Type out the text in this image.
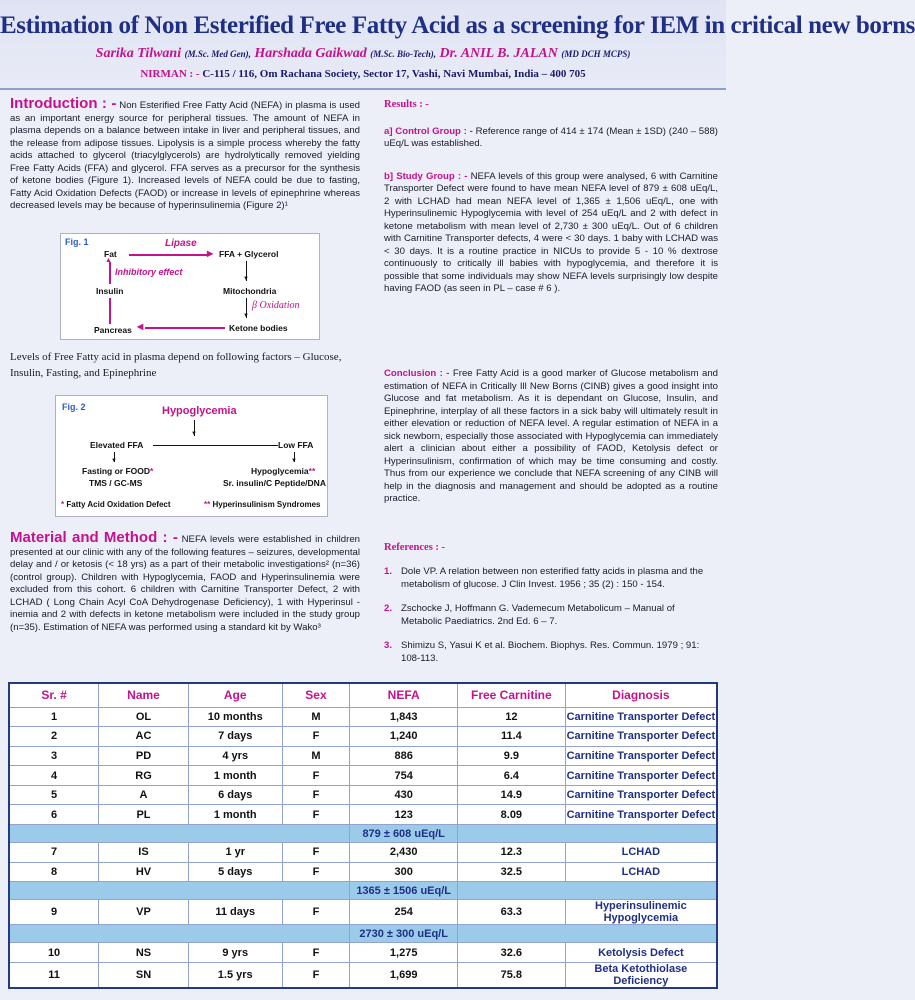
Estimation of Non Esterified Free Fatty Acid as a screening for IEM in critical new borns
Sarika Tilwani (M.Sc. Med Gen), Harshada Gaikwad (M.Sc. Bio-Tech), Dr. ANIL B. JALAN (MD DCH MCPS)
NIRMAN : - C-115 / 116, Om Rachana Society, Sector 17, Vashi, Navi Mumbai, India – 400 705
Introduction : - Non Esterified Free Fatty Acid (NEFA) in plasma is used as an important energy source for peripheral tissues. The amount of NEFA in plasma depends on a balance between intake in liver and peripheral tissues, and the release from adipose tissues. Lipolysis is a simple process whereby the fatty acids attached to glycerol (triacylglycerols) are hydrolytically removed yielding Free Fatty Acids (FFA) and glycerol. FFA serves as a precursor for the synthesis of ketone bodies (Figure 1). Increased levels of NEFA could be due to fasting, Fatty Acid Oxidation Defects (FAOD) or increase in levels of epinephrine whereas decreased levels may be because of hyperinsulinemia (Figure 2)¹
Fig. 1
Fat
Lipase
▶ FFA + Glycerol
▲
Inhibitory effect
Insulin
▼
Mitochondria
▼
β Oxidation
Pancreas ◀	Ketone bodies
Levels of Free Fatty acid in plasma depend on following factors – Glucose, Insulin, Fasting, and Epinephrine
Fig. 2	Hypoglycemia
▼
Elevated FFA	Low FFA
▼	▼
Fasting or FOOD*	Hypoglycemia**
TMS / GC-MS	Sr. insulin/C Peptide/DNA
* Fatty Acid Oxidation Defect	** Hyperinsulinism Syndromes
Material and Method : - NEFA levels were established in children presented at our clinic with any of the following features – seizures, developmental delay and / or ketosis (< 18 yrs) as a part of their metabolic investigations² (n=36) (control group). Children with Hypoglycemia, FAOD and Hyperinsulinemia were excluded from this cohort. 6 children with Carnitine Transporter Defect, 2 with LCHAD ( Long Chain Acyl CoA Dehydrogenase Deficiency), 1 with Hyperinsul - inemia and 2 with defects in ketone metabolism were included in the study group (n=35). Estimation of NEFA was performed using a standard kit by Wako³
Results : -
a] Control Group : - Reference range of 414 ± 174 (Mean ± 1SD) (240 – 588) uEq/L was established.
b] Study Group : - NEFA levels of this group were analysed, 6 with Carnitine Transporter Defect were found to have mean NEFA level of 879 ± 608 uEq/L, 2 with LCHAD had mean NEFA level of 1,365 ± 1,506 uEq/L, one with Hyperinsulinemic Hypoglycemia with level of 254 uEq/L and 2 with defect in ketone metabolism with mean level of 2,730 ± 300 uEq/L. Out of 6 children with Carnitine Transporter defects, 4 were < 30 days. 1 baby with LCHAD was < 30 days. It is a routine practice in NICUs to provide 5 - 10 % dextrose continuously to critically ill babies with hypoglycemia, and therefore it is possible that some individuals may show NEFA levels surprisingly low despite having FAOD (as seen in PL – case # 6 ).
Conclusion : - Free Fatty Acid is a good marker of Glucose metabolism and estimation of NEFA in Critically Ill New Borns (CINB) gives a good insight into Glucose and fat metabolism. As it is dependant on Glucose, Insulin, and Epinephrine, interplay of all these factors in a sick baby will ultimately result in either elevation or reduction of NEFA level. A regular estimation of NEFA in a sick newborn, especially those associated with Hypoglycemia can immediately alert a clinician about either a possibility of FAOD, Ketolysis defect or Hyperinsulinism, confirmation of which may be time consuming and costly. Thus from our experience we conclude that NEFA screening of any CINB will help in the diagnosis and management and should be adopted as a routine practice.
References : -
1. Dole VP. A relation between non esterified fatty acids in plasma and the metabolism of glucose. J Clin Invest. 1956 ; 35 (2) : 150 - 154.
2. Zschocke J, Hoffmann G. Vademecum Metabolicum – Manual of Metabolic Paediatrics. 2nd Ed. 6 – 7.
3. Shimizu S, Yasui K et al. Biochem. Biophys. Res. Commun. 1979 ; 91: 108-113.
Sr. #	Name	Age	Sex	NEFA	Free Carnitine	Diagnosis
1	OL	10 months	M	1,843	12	Carnitine Transporter Defect
2	AC	7 days	F	1,240	11.4	Carnitine Transporter Defect
3	PD	4 yrs	M	886	9.9	Carnitine Transporter Defect
4	RG	1 month	F	754	6.4	Carnitine Transporter Defect
5	A	6 days	F	430	14.9	Carnitine Transporter Defect
6	PL	1 month	F	123	8.09	Carnitine Transporter Defect
				879 ± 608 uEq/L		
7	IS	1 yr	F	2,430	12.3	LCHAD
8	HV	5 days	F	300	32.5	LCHAD
				1365 ± 1506 uEq/L		
9	VP	11 days	F	254	63.3	Hyperinsulinemic Hypoglycemia
				2730 ± 300 uEq/L		
10	NS	9 yrs	F	1,275	32.6	Ketolysis Defect
11	SN	1.5 yrs	F	1,699	75.8	Beta Ketothiolase Deficiency
